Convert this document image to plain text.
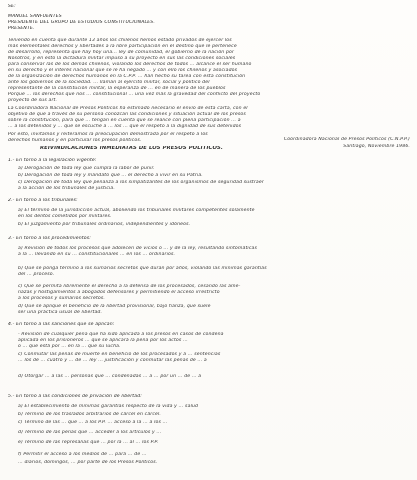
SE:
MANUEL SANFUENTES
PRESIDENTE DEL GRUPO DE ESTUDIOS CONSTITUCIONALES.
PRESENTE.
Teniendo en cuenta que durante 13 años los chilenos hemos estado privados de ejercer los
más elementales derechos y libertades a la libre participación en el destino que le pertenece
de desarrollo, representa que hay hoy una... ley de comunidad, el gobierno de la nación por
Nosotros, y en esto la dictadura militar impuso a su proyecto en sus las condiciones sociales
para conservar las de los demás chilenos, violando los derechos de todos ... alcance el ser humano
en su derecho y el interés nacional que se le ha negado ... y con ello los chilenos y asociados
de la organización de derechos humanos en la C.P.P. ... han hecho su tarea con esta constitución
ante los gobiernos de la sociedad. ... llaman al ejército militar, social y político del
representante de la constitución militar, la esperanza de ... en de manera de los pueblos
Porque ... los derechos que nos ... constitucional ... una vez más la gravedad del conflicto del proyecto
proyecto de sus art.
La Coordinadora Nacional de Presos Políticos ha estimado necesario el envío de esta carta, con el
objetivo de que a través de su persona conozcan las condiciones y situación actual de los presos
sobre la constitución, para que ... tengan en cuenta que se realice con plena participación ... a
... a los detenidos y ... que se escuche a ... los ... que el respeto a la dignidad de sus detenidos
Por esto, invitamos y reiteramos la preocupación demostrada por el respeto a los
derechos humanos y en particular los presos políticos.	Coordinadora Nacional de Presos Políticos (C.N.P.P.)
Santiago, Noviembre 1986.
REIVINDICACIONES INMEDIATAS DE LOS PRESOS POLÍTICOS.
1.- En torno a la legislación vigente:
a) Derogación de toda ley que cumpla la labor de punir.
b) Derogación de toda ley y mandato que ... el derecho a vivir en su Patria.
c) Derogación de toda ley que penaliza a los simpatizantes de los organismos de seguridad sustraer
a la acción de los tribunales de justicia.
2.- En torno a los tribunales:
a) El término de la jurisdicción actual, aboliendo los tribunales militares competentes solamente
en los delitos cometidos por militares.
b) El juzgamiento por tribunales ordinarios, independientes y idóneos.
3.- En torno a los procedimientos:
a) Revisión de todos los procesos que adolecen de vicios o ... y de la ley, resultando sintomáticas
a la ... llevando en su ... constitucionales ... en los ... ordinarios.
b) Que se ponga término a los sumarios secretos que duran por años, violando las mínimas garantías
del ... proceso.
c) Que se permita libremente el derecho a la defensa de los procesados, cesando las ame-
nazas y hostigamientos a abogados defensores y permitiendo el acceso irrestricto
a los procesos y sumarios secretos.
d) Que se aplique el beneficio de la libertad provisional, bajo fianza, que suele
ser una práctica usual de libertad.
4.- En torno a las sanciones que se aplican:
- Revisión de cualquier pena que ha sido aplicada a los presos en casos de condena
aplicada en los prisioneros ... que se aplicará la pena por los actos ...
o ... que está por ... en la ... que su lucha.
c) Conmutar las penas de muerte en beneficio de los procesados y a ... sentencias
... los de ... cuatro y ... de ... ley ... justificación y conmutar las penas de ... a
d) Otorgar ... a las ... personas que ... condenadas ... a ... por un ... de ... a
5.- En torno a las condiciones de privación de libertad:
a) El establecimiento de mínimas garantías respecto de la vida y ... salud
b) Término de los traslados arbitrarios de cárcel en cárcel.
c) Término de las ... que ... a los P.P. ... acceso a la ... a los ...
d) Término de las penas que ... acceder a los artículos y ...
e) Término de las represalias que ... por la ... al ... los P.P.
f) Permitir el acceso a los medios de ... para ... de ...
... diarios, domingos, ... por parte de los Presos Políticos.
